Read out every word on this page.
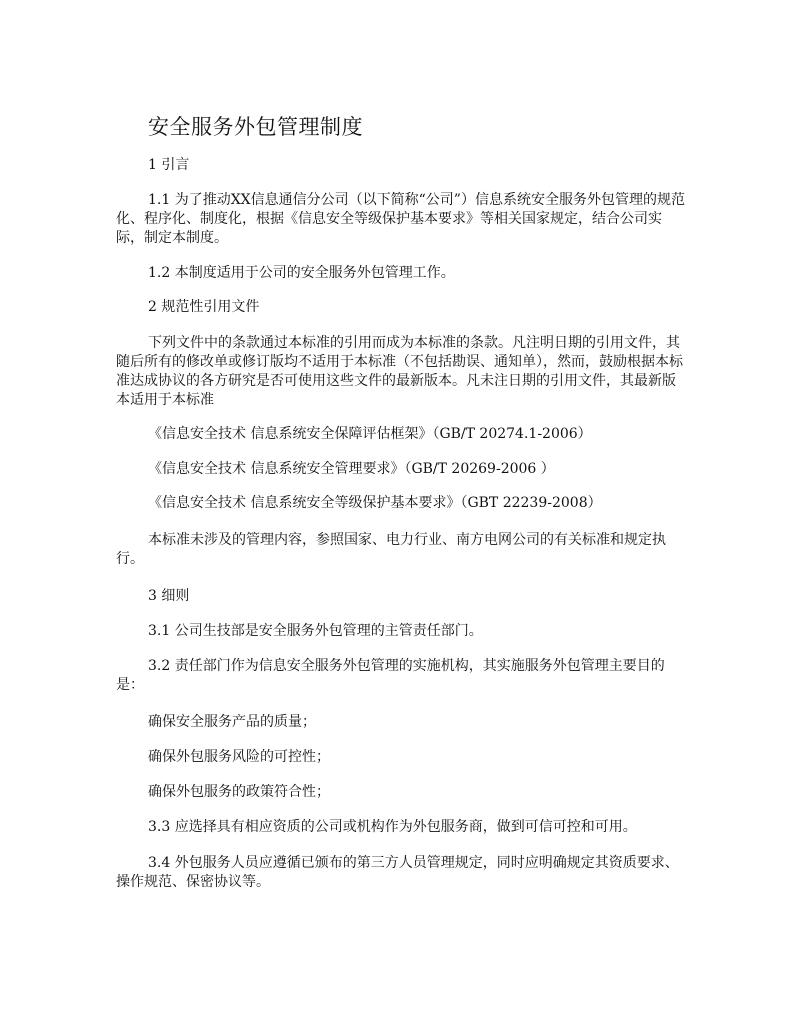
安全服务外包管理制度
1 引言
1.1 为了推动XX信息通信分公司（以下简称“公司”）信息系统安全服务外包管理的规范化、程序化、制度化，根据《信息安全等级保护基本要求》等相关国家规定，结合公司实际，制定本制度。
1.2 本制度适用于公司的安全服务外包管理工作。
2 规范性引用文件
下列文件中的条款通过本标准的引用而成为本标准的条款。凡注明日期的引用文件，其随后所有的修改单或修订版均不适用于本标准（不包括勘误、通知单），然而，鼓励根据本标准达成协议的各方研究是否可使用这些文件的最新版本。凡未注日期的引用文件，其最新版本适用于本标准
《信息安全技术 信息系统安全保障评估框架》（GB/T 20274.1-2006）
《信息安全技术 信息系统安全管理要求》（GB/T 20269-2006 ）
《信息安全技术 信息系统安全等级保护基本要求》（GBT 22239-2008）
本标准未涉及的管理内容，参照国家、电力行业、南方电网公司的有关标准和规定执行。
3 细则
3.1 公司生技部是安全服务外包管理的主管责任部门。
3.2 责任部门作为信息安全服务外包管理的实施机构，其实施服务外包管理主要目的是：
确保安全服务产品的质量；
确保外包服务风险的可控性；
确保外包服务的政策符合性；
3.3 应选择具有相应资质的公司或机构作为外包服务商，做到可信可控和可用。
3.4 外包服务人员应遵循已颁布的第三方人员管理规定，同时应明确规定其资质要求、操作规范、保密协议等。
